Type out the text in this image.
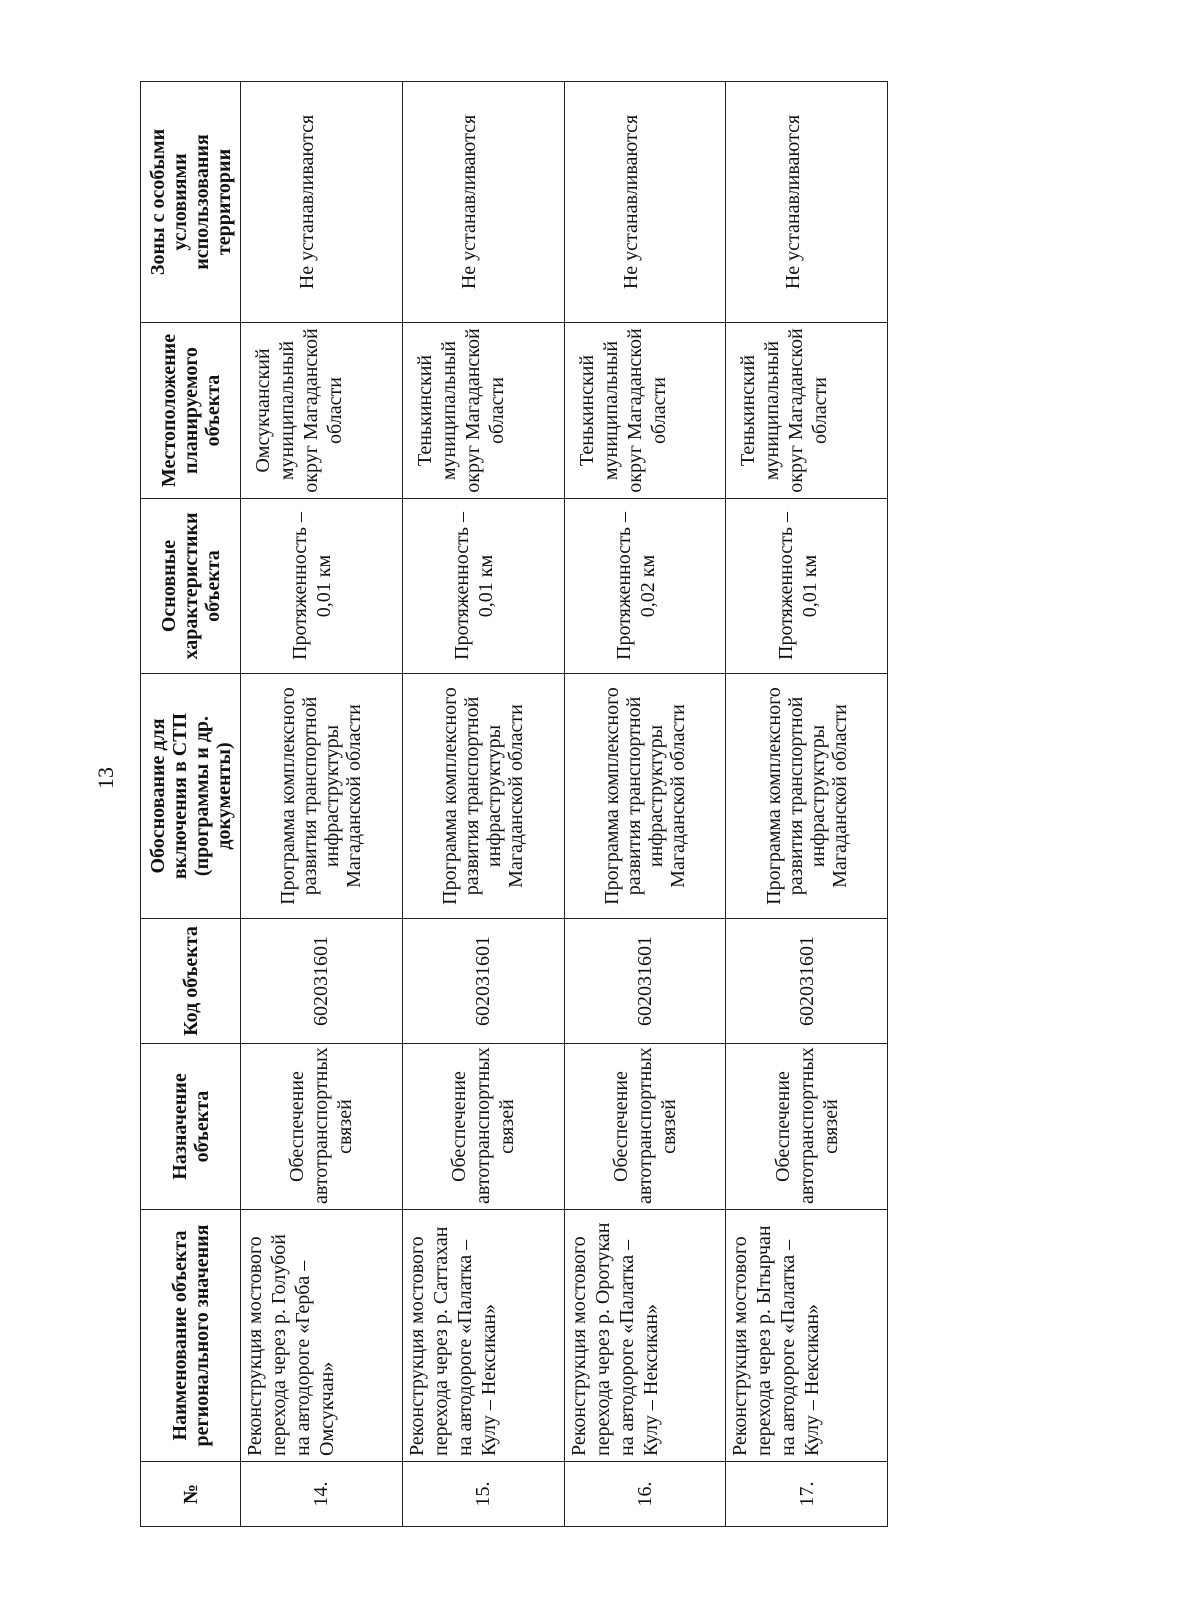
13
№	Наименование объекта регионального значения	Назначение объекта	Код объекта	Обоснование для включения в СТП (программы и др. документы)	Основные характеристики объекта	Местоположение планируемого объекта	Зоны с особыми условиями использования территории
14.	Реконструкция мостового перехода через р. Голубой на автодороге «Герба – Омсукчан»	Обеспечение автотранспортных связей	602031601	Программа комплексного развития транспортной инфраструктуры Магаданской области	Протяженность – 0,01 км	Омсукчанский муниципальный округ Магаданской области	Не устанавливаются
15.	Реконструкция мостового перехода через р. Саттахан на автодороге «Палатка – Кулу – Нексикан»	Обеспечение автотранспортных связей	602031601	Программа комплексного развития транспортной инфраструктуры Магаданской области	Протяженность – 0,01 км	Тенькинский муниципальный округ Магаданской области	Не устанавливаются
16.	Реконструкция мостового перехода через р. Оротукан на автодороге «Палатка – Кулу – Нексикан»	Обеспечение автотранспортных связей	602031601	Программа комплексного развития транспортной инфраструктуры Магаданской области	Протяженность – 0,02 км	Тенькинский муниципальный округ Магаданской области	Не устанавливаются
17.	Реконструкция мостового перехода через р. Ытырчан на автодороге «Палатка – Кулу – Нексикан»	Обеспечение автотранспортных связей	602031601	Программа комплексного развития транспортной инфраструктуры Магаданской области	Протяженность – 0,01 км	Тенькинский муниципальный округ Магаданской области	Не устанавливаются
